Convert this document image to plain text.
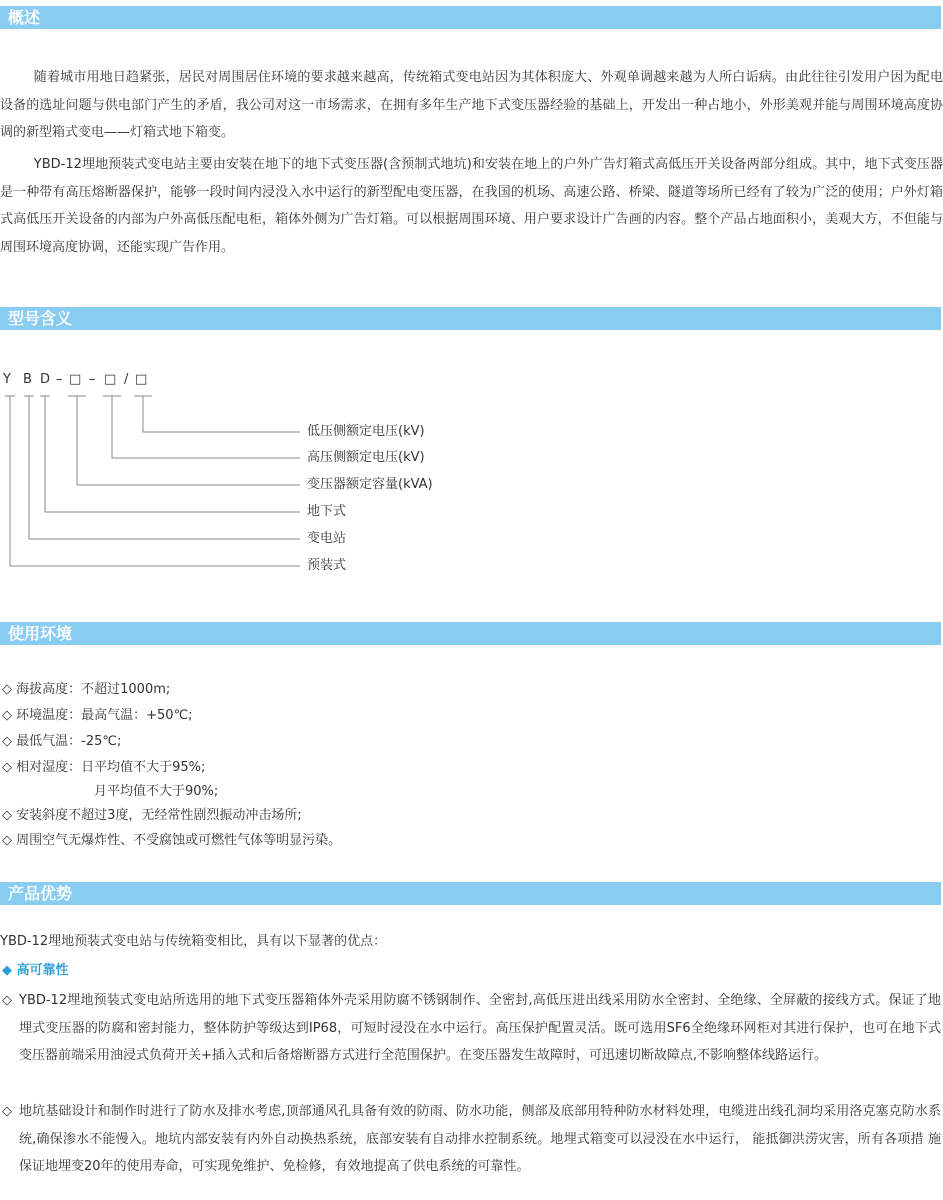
概述

随着城市用地日趋紧张，居民对周围居住环境的要求越来越高，传统箱式变电站因为其体积庞大、外观单调越来越为人所白诟病。由此往往引发用户因为配电设备的选址问题与供电部门产生的矛盾，我公司对这一市场需求，在拥有多年生产地下式变压器经验的基础上，开发出一种占地小，外形美观并能与周围环境高度协调的新型箱式变电——灯箱式地下箱变。

YBD-12埋地预装式变电站主要由安装在地下的地下式变压器(含预制式地坑)和安装在地上的户外广告灯箱式高低压开关设备两部分组成。其中，地下式变压器是一种带有高压熔断器保护，能够一段时间内浸没入水中运行的新型配电变压器，在我国的机场、高速公路、桥梁、隧道等场所已经有了较为广泛的使用；户外灯箱式高低压开关设备的内部为户外高低压配电柜，箱体外侧为广告灯箱。可以根据周围环境、用户要求设计广告画的内容。整个产品占地面积小，美观大方，不但能与周围环境高度协调，还能实现广告作用。

型号含义
Y B D – □ – □ / □
低压侧额定电压(kV)
高压侧额定电压(kV)
变压器额定容量(kVA)
地下式
变电站
预装式
使用环境
◇ 海拔高度：不超过1000m;
◇ 环境温度：最高气温：+50℃;
◇ 最低气温：-25℃;
◇ 相对湿度：日平均值不大于95%;
月平均值不大于90%;
◇ 安装斜度不超过3度，无经常性剧烈振动冲击场所;
◇ 周围空气无爆炸性、不受腐蚀或可燃性气体等明显污染。
产品优势
YBD-12埋地预装式变电站与传统箱变相比，具有以下显著的优点：
◆ 高可靠性
◇ YBD-12埋地预装式变电站所选用的地下式变压器箱体外壳采用防腐不锈钢制作、全密封,高低压进出线采用防水全密封、全绝缘、全屏蔽的接线方式。保证了地埋式变压器的防腐和密封能力，整体防护等级达到IP68，可短时浸没在水中运行。高压保护配置灵活。既可选用SF6全绝缘环网柜对其进行保护，也可在地下式变压器前端采用油浸式负荷开关+插入式和后备熔断器方式进行全范围保护。在变压器发生故障时，可迅速切断故障点,不影响整体线路运行。

◇ 地坑基础设计和制作时进行了防水及排水考虑,顶部通风孔具备有效的防雨、防水功能，侧部及底部用特种防水材料处理，电缆进出线孔洞均采用洛克塞克防水系统,确保渗水不能慢入。地坑内部安装有内外自动换热系统，底部安装有自动排水控制系统。地埋式箱变可以浸没在水中运行， 能抵御洪涝灾害，所有各项措 施保证地埋变20年的使用寿命，可实现免维护、免检修，有效地提高了供电系统的可靠性。
